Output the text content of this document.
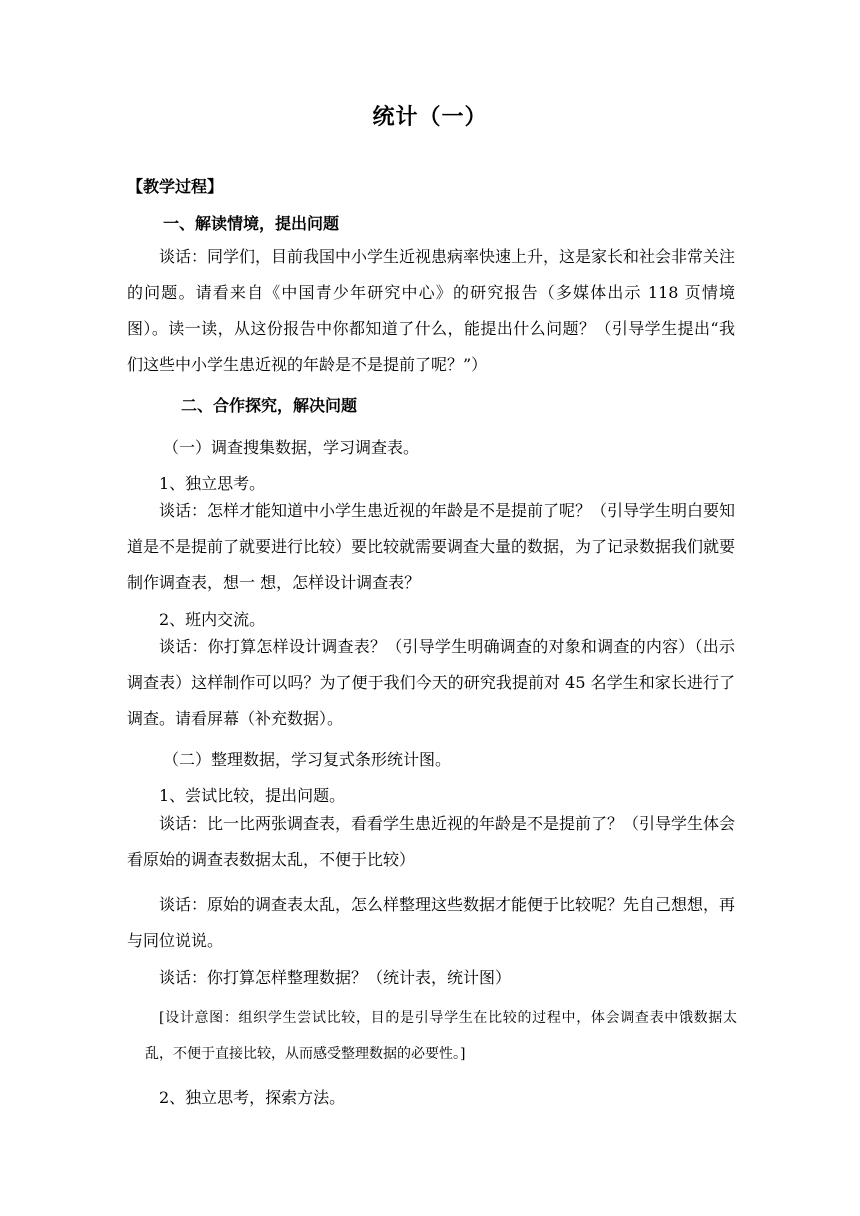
统计（一）
【教学过程】
一、解读情境，提出问题

谈话：同学们，目前我国中小学生近视患病率快速上升，这是家长和社会非常关注的问题。请看来自《中国青少年研究中心》的研究报告（多媒体出示 118 页情境图）。读一读，从这份报告中你都知道了什么，能提出什么问题？（引导学生提出“我们这些中小学生患近视的年龄是不是提前了呢？”）

二、合作探究，解决问题

（一）调查搜集数据，学习调查表。

1、独立思考。

谈话：怎样才能知道中小学生患近视的年龄是不是提前了呢？（引导学生明白要知道是不是提前了就要进行比较）要比较就需要调查大量的数据，为了记录数据我们就要制作调查表，想一 想，怎样设计调查表？

2、班内交流。

谈话：你打算怎样设计调查表？（引导学生明确调查的对象和调查的内容）（出示调查表）这样制作可以吗？为了便于我们今天的研究我提前对 45 名学生和家长进行了 调查。请看屏幕（补充数据）。

（二）整理数据，学习复式条形统计图。

1、尝试比较，提出问题。

谈话：比一比两张调查表，看看学生患近视的年龄是不是提前了？（引导学生体会看原始的调查表数据太乱，不便于比较）

谈话：原始的调查表太乱，怎么样整理这些数据才能便于比较呢？先自己想想，再与同位说说。

谈话：你打算怎样整理数据？（统计表，统计图）

[设计意图：组织学生尝试比较，目的是引导学生在比较的过程中，体会调查表中饿数据太乱，不便于直接比较，从而感受整理数据的必要性。]

2、独立思考，探索方法。
